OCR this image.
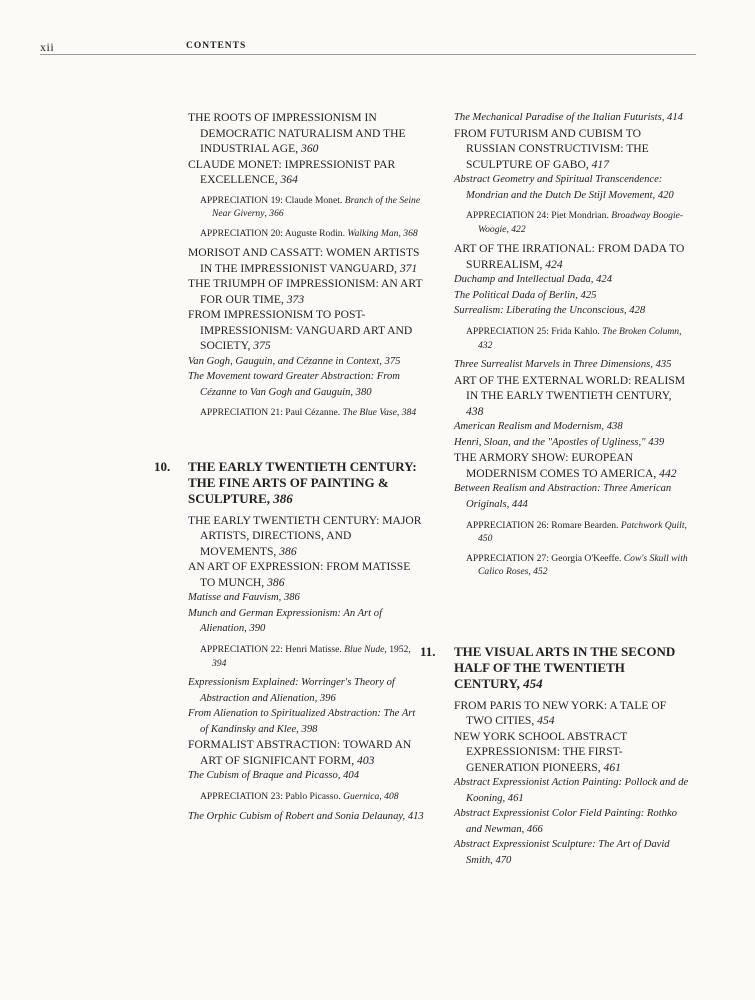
xii	CONTENTS

THE ROOTS OF IMPRESSIONISM IN DEMOCRATIC NATURALISM AND THE INDUSTRIAL AGE, 360

CLAUDE MONET: IMPRESSIONIST PAR EXCELLENCE, 364

APPRECIATION 19: Claude Monet. Branch of the Seine Near Giverny, 366

APPRECIATION 20: Auguste Rodin. Walking Man, 368

MORISOT AND CASSATT: WOMEN ARTISTS IN THE IMPRESSIONIST VANGUARD, 371

THE TRIUMPH OF IMPRESSIONISM: AN ART FOR OUR TIME, 373

FROM IMPRESSIONISM TO POST-IMPRESSIONISM: VANGUARD ART AND SOCIETY, 375

Van Gogh, Gauguin, and Cézanne in Context, 375

The Movement toward Greater Abstraction: From Cézanne to Van Gogh and Gauguin, 380

APPRECIATION 21: Paul Cézanne. The Blue Vase, 384

10. THE EARLY TWENTIETH CENTURY: THE FINE ARTS OF PAINTING & SCULPTURE, 386

THE EARLY TWENTIETH CENTURY: MAJOR ARTISTS, DIRECTIONS, AND MOVEMENTS, 386

AN ART OF EXPRESSION: FROM MATISSE TO MUNCH, 386

Matisse and Fauvism, 386

Munch and German Expressionism: An Art of Alienation, 390

APPRECIATION 22: Henri Matisse. Blue Nude, 1952, 394

Expressionism Explained: Worringer's Theory of Abstraction and Alienation, 396

From Alienation to Spiritualized Abstraction: The Art of Kandinsky and Klee, 398

FORMALIST ABSTRACTION: TOWARD AN ART OF SIGNIFICANT FORM, 403

The Cubism of Braque and Picasso, 404

APPRECIATION 23: Pablo Picasso. Guernica, 408

The Orphic Cubism of Robert and Sonia Delaunay, 413

The Mechanical Paradise of the Italian Futurists, 414

FROM FUTURISM AND CUBISM TO RUSSIAN CONSTRUCTIVISM: THE SCULPTURE OF GABO, 417

Abstract Geometry and Spiritual Transcendence: Mondrian and the Dutch De Stijl Movement, 420

APPRECIATION 24: Piet Mondrian. Broadway Boogie-Woogie, 422

ART OF THE IRRATIONAL: FROM DADA TO SURREALISM, 424

Duchamp and Intellectual Dada, 424

The Political Dada of Berlin, 425

Surrealism: Liberating the Unconscious, 428

APPRECIATION 25: Frida Kahlo. The Broken Column, 432

Three Surrealist Marvels in Three Dimensions, 435

ART OF THE EXTERNAL WORLD: REALISM IN THE EARLY TWENTIETH CENTURY, 438

American Realism and Modernism, 438

Henri, Sloan, and the "Apostles of Ugliness," 439

THE ARMORY SHOW: EUROPEAN MODERNISM COMES TO AMERICA, 442

Between Realism and Abstraction: Three American Originals, 444

APPRECIATION 26: Romare Bearden. Patchwork Quilt, 450

APPRECIATION 27: Georgia O'Keeffe. Cow's Skull with Calico Roses, 452

11. THE VISUAL ARTS IN THE SECOND HALF OF THE TWENTIETH CENTURY, 454

FROM PARIS TO NEW YORK: A TALE OF TWO CITIES, 454

NEW YORK SCHOOL ABSTRACT EXPRESSIONISM: THE FIRST-GENERATION PIONEERS, 461

Abstract Expressionist Action Painting: Pollock and de Kooning, 461

Abstract Expressionist Color Field Painting: Rothko and Newman, 466

Abstract Expressionist Sculpture: The Art of David Smith, 470
